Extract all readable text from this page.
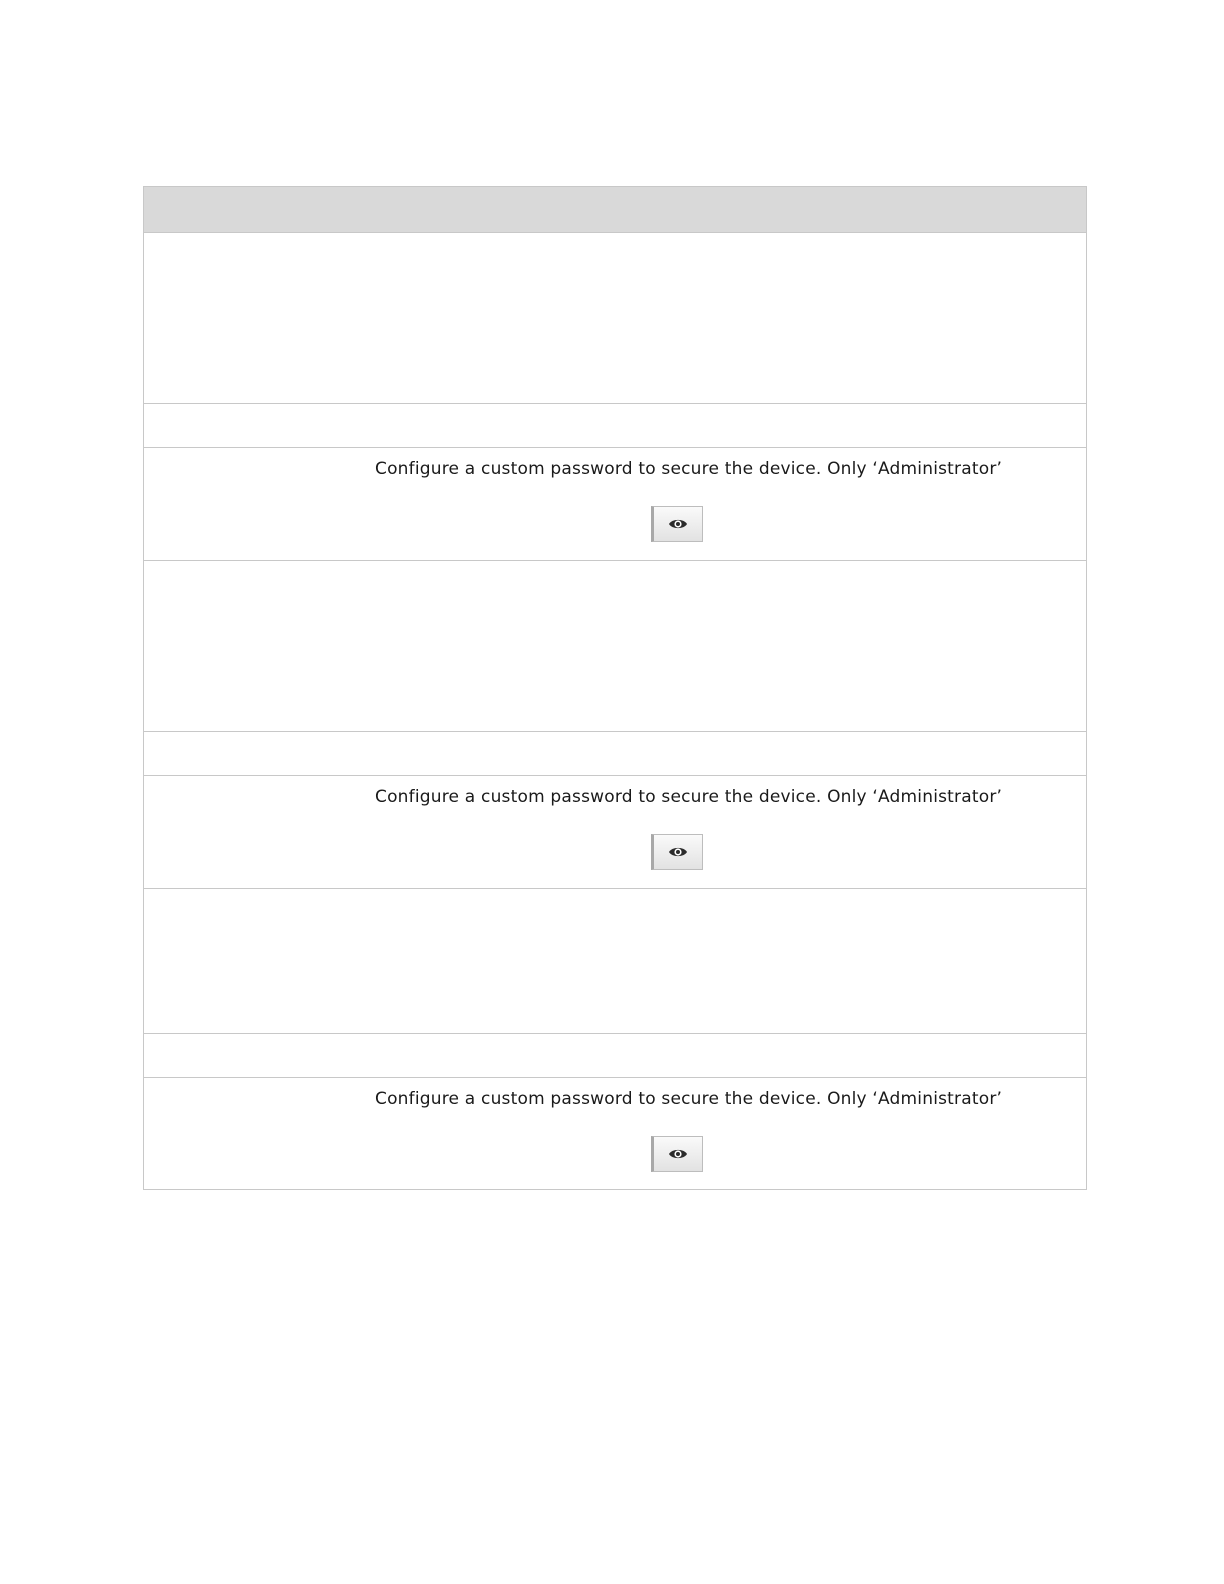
Configure a custom password to secure the device. Only ‘Administrator’
Configure a custom password to secure the device. Only ‘Administrator’
Configure a custom password to secure the device. Only ‘Administrator’
